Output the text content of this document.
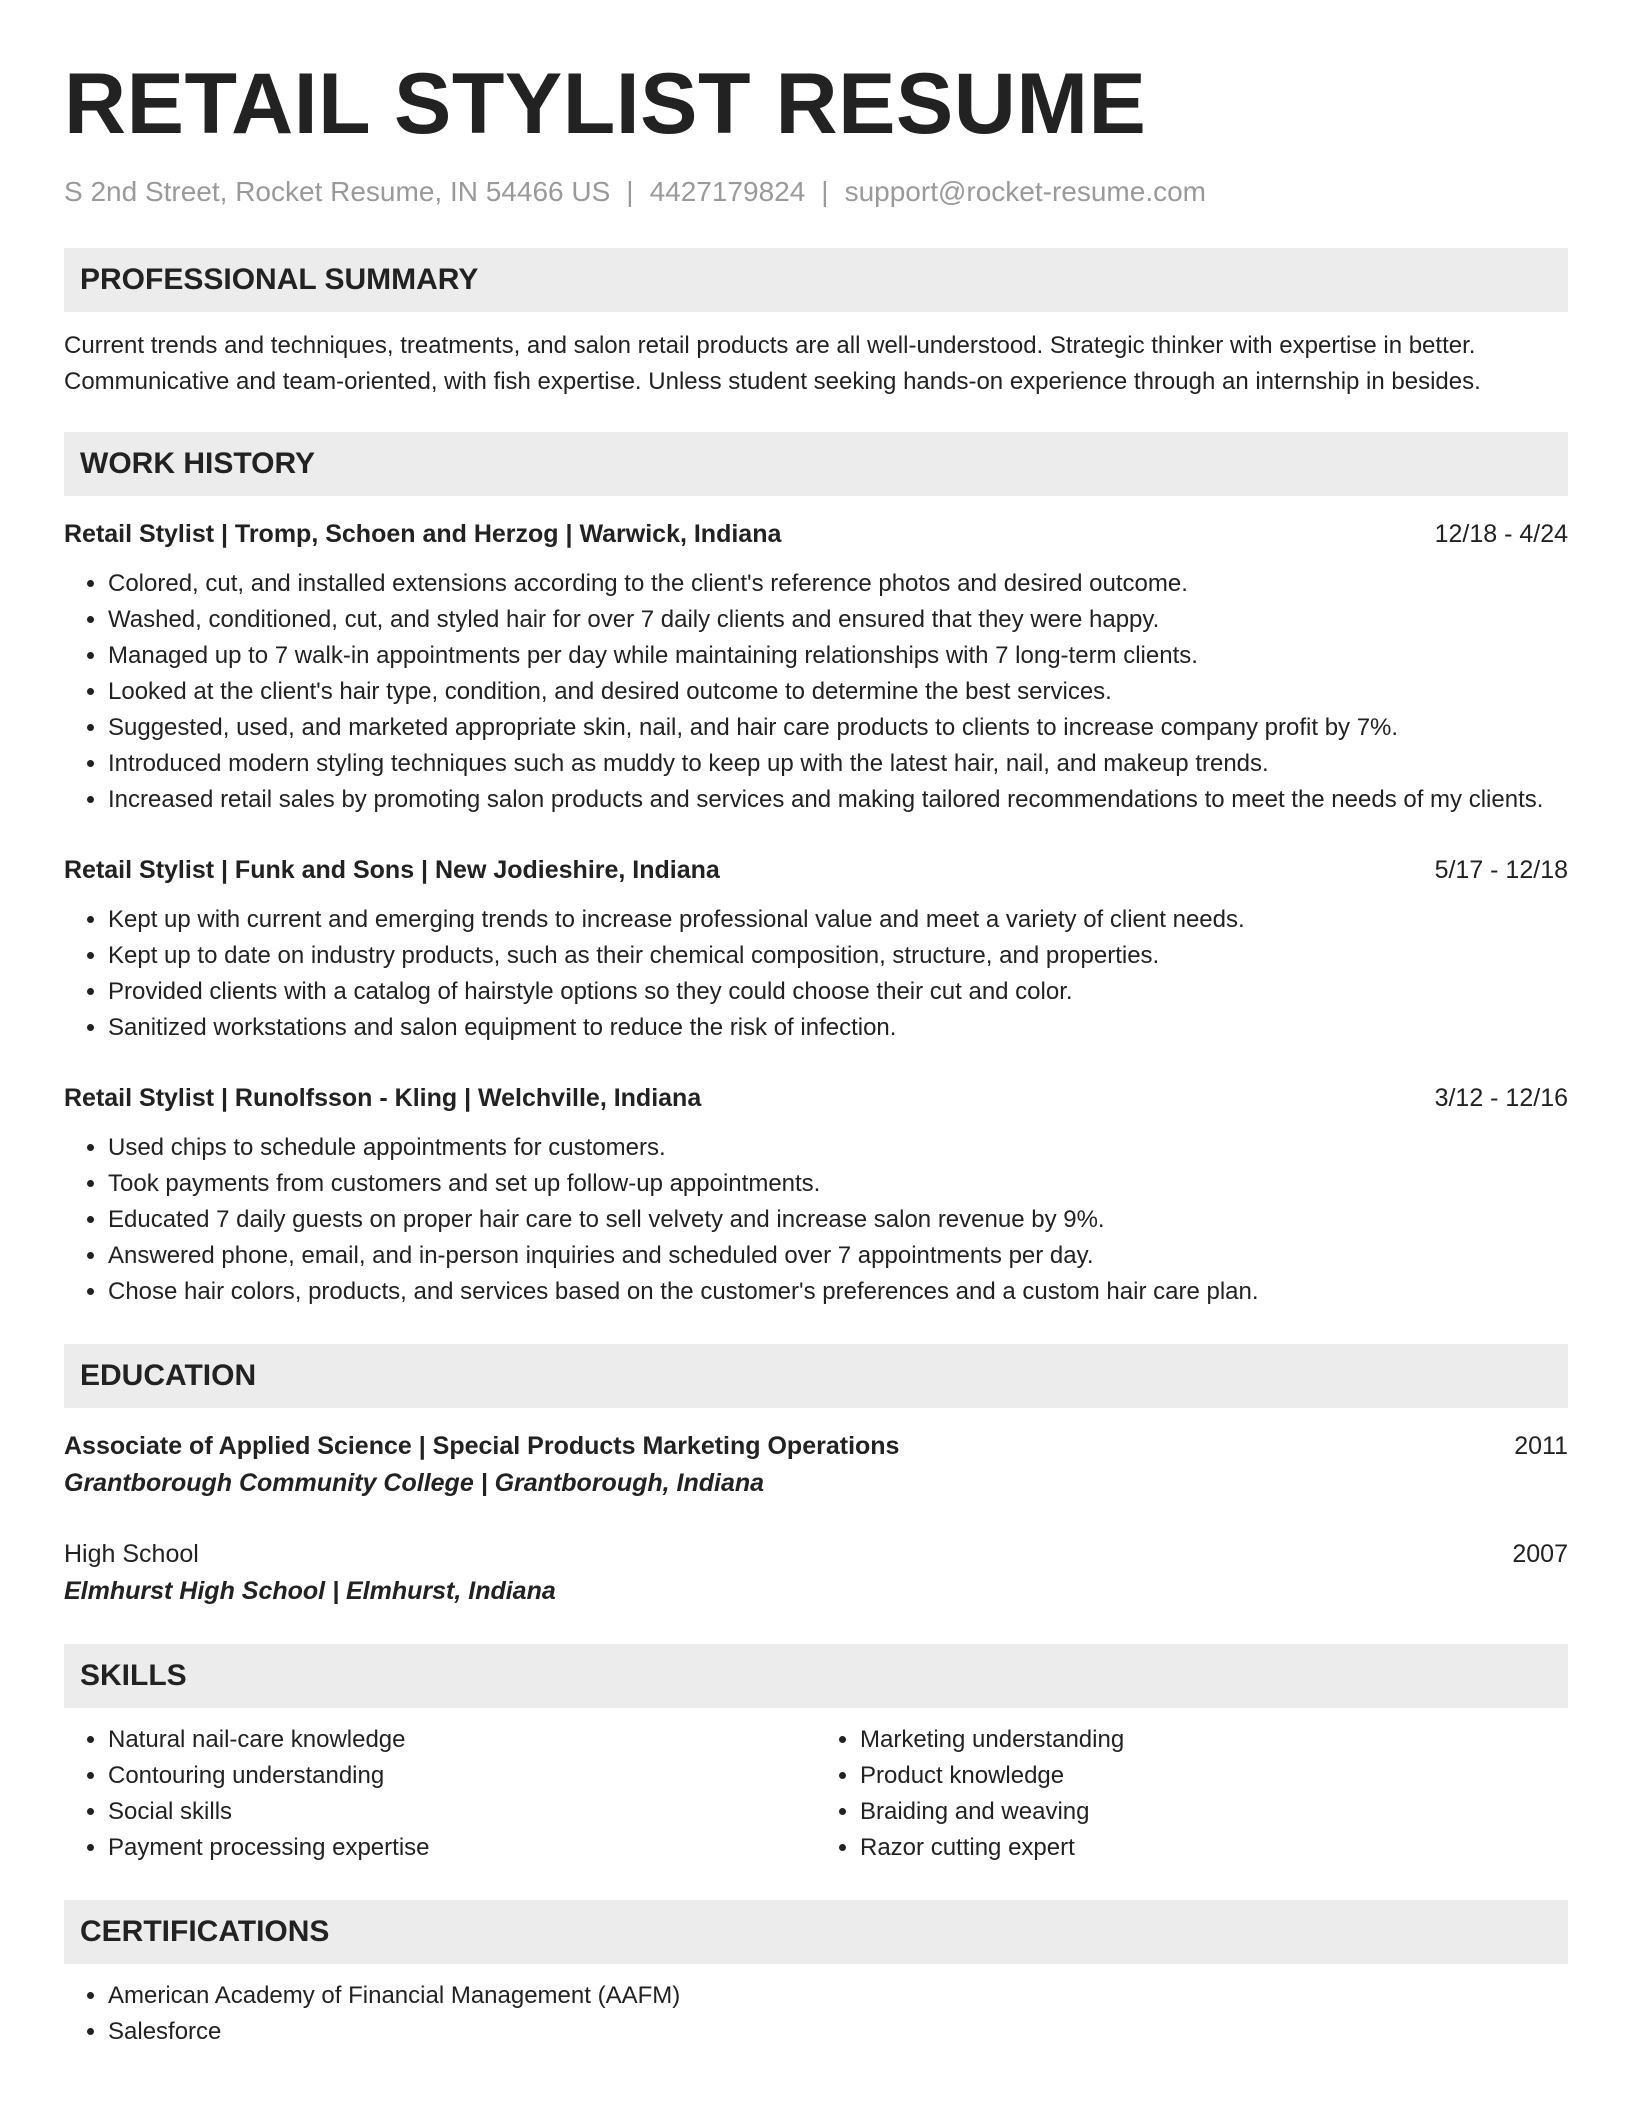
RETAIL STYLIST RESUME
S 2nd Street, Rocket Resume, IN 54466 US | 4427179824 | support@rocket-resume.com
PROFESSIONAL SUMMARY
Current trends and techniques, treatments, and salon retail products are all well-understood. Strategic thinker with expertise in better. Communicative and team-oriented, with fish expertise. Unless student seeking hands-on experience through an internship in besides.
WORK HISTORY
Retail Stylist | Tromp, Schoen and Herzog | Warwick, Indiana	12/18 - 4/24
• Colored, cut, and installed extensions according to the client's reference photos and desired outcome.
• Washed, conditioned, cut, and styled hair for over 7 daily clients and ensured that they were happy.
• Managed up to 7 walk-in appointments per day while maintaining relationships with 7 long-term clients.
• Looked at the client's hair type, condition, and desired outcome to determine the best services.
• Suggested, used, and marketed appropriate skin, nail, and hair care products to clients to increase company profit by 7%.
• Introduced modern styling techniques such as muddy to keep up with the latest hair, nail, and makeup trends.
• Increased retail sales by promoting salon products and services and making tailored recommendations to meet the needs of my clients.
Retail Stylist | Funk and Sons | New Jodieshire, Indiana	5/17 - 12/18
• Kept up with current and emerging trends to increase professional value and meet a variety of client needs.
• Kept up to date on industry products, such as their chemical composition, structure, and properties.
• Provided clients with a catalog of hairstyle options so they could choose their cut and color.
• Sanitized workstations and salon equipment to reduce the risk of infection.
Retail Stylist | Runolfsson - Kling | Welchville, Indiana	3/12 - 12/16
• Used chips to schedule appointments for customers.
• Took payments from customers and set up follow-up appointments.
• Educated 7 daily guests on proper hair care to sell velvety and increase salon revenue by 9%.
• Answered phone, email, and in-person inquiries and scheduled over 7 appointments per day.
• Chose hair colors, products, and services based on the customer's preferences and a custom hair care plan.
EDUCATION
Associate of Applied Science | Special Products Marketing Operations	2011
Grantborough Community College | Grantborough, Indiana
High School	2007
Elmhurst High School | Elmhurst, Indiana
SKILLS
• Natural nail-care knowledge
• Contouring understanding
• Social skills
• Payment processing expertise
• Marketing understanding
• Product knowledge
• Braiding and weaving
• Razor cutting expert
CERTIFICATIONS
• American Academy of Financial Management (AAFM)
• Salesforce
